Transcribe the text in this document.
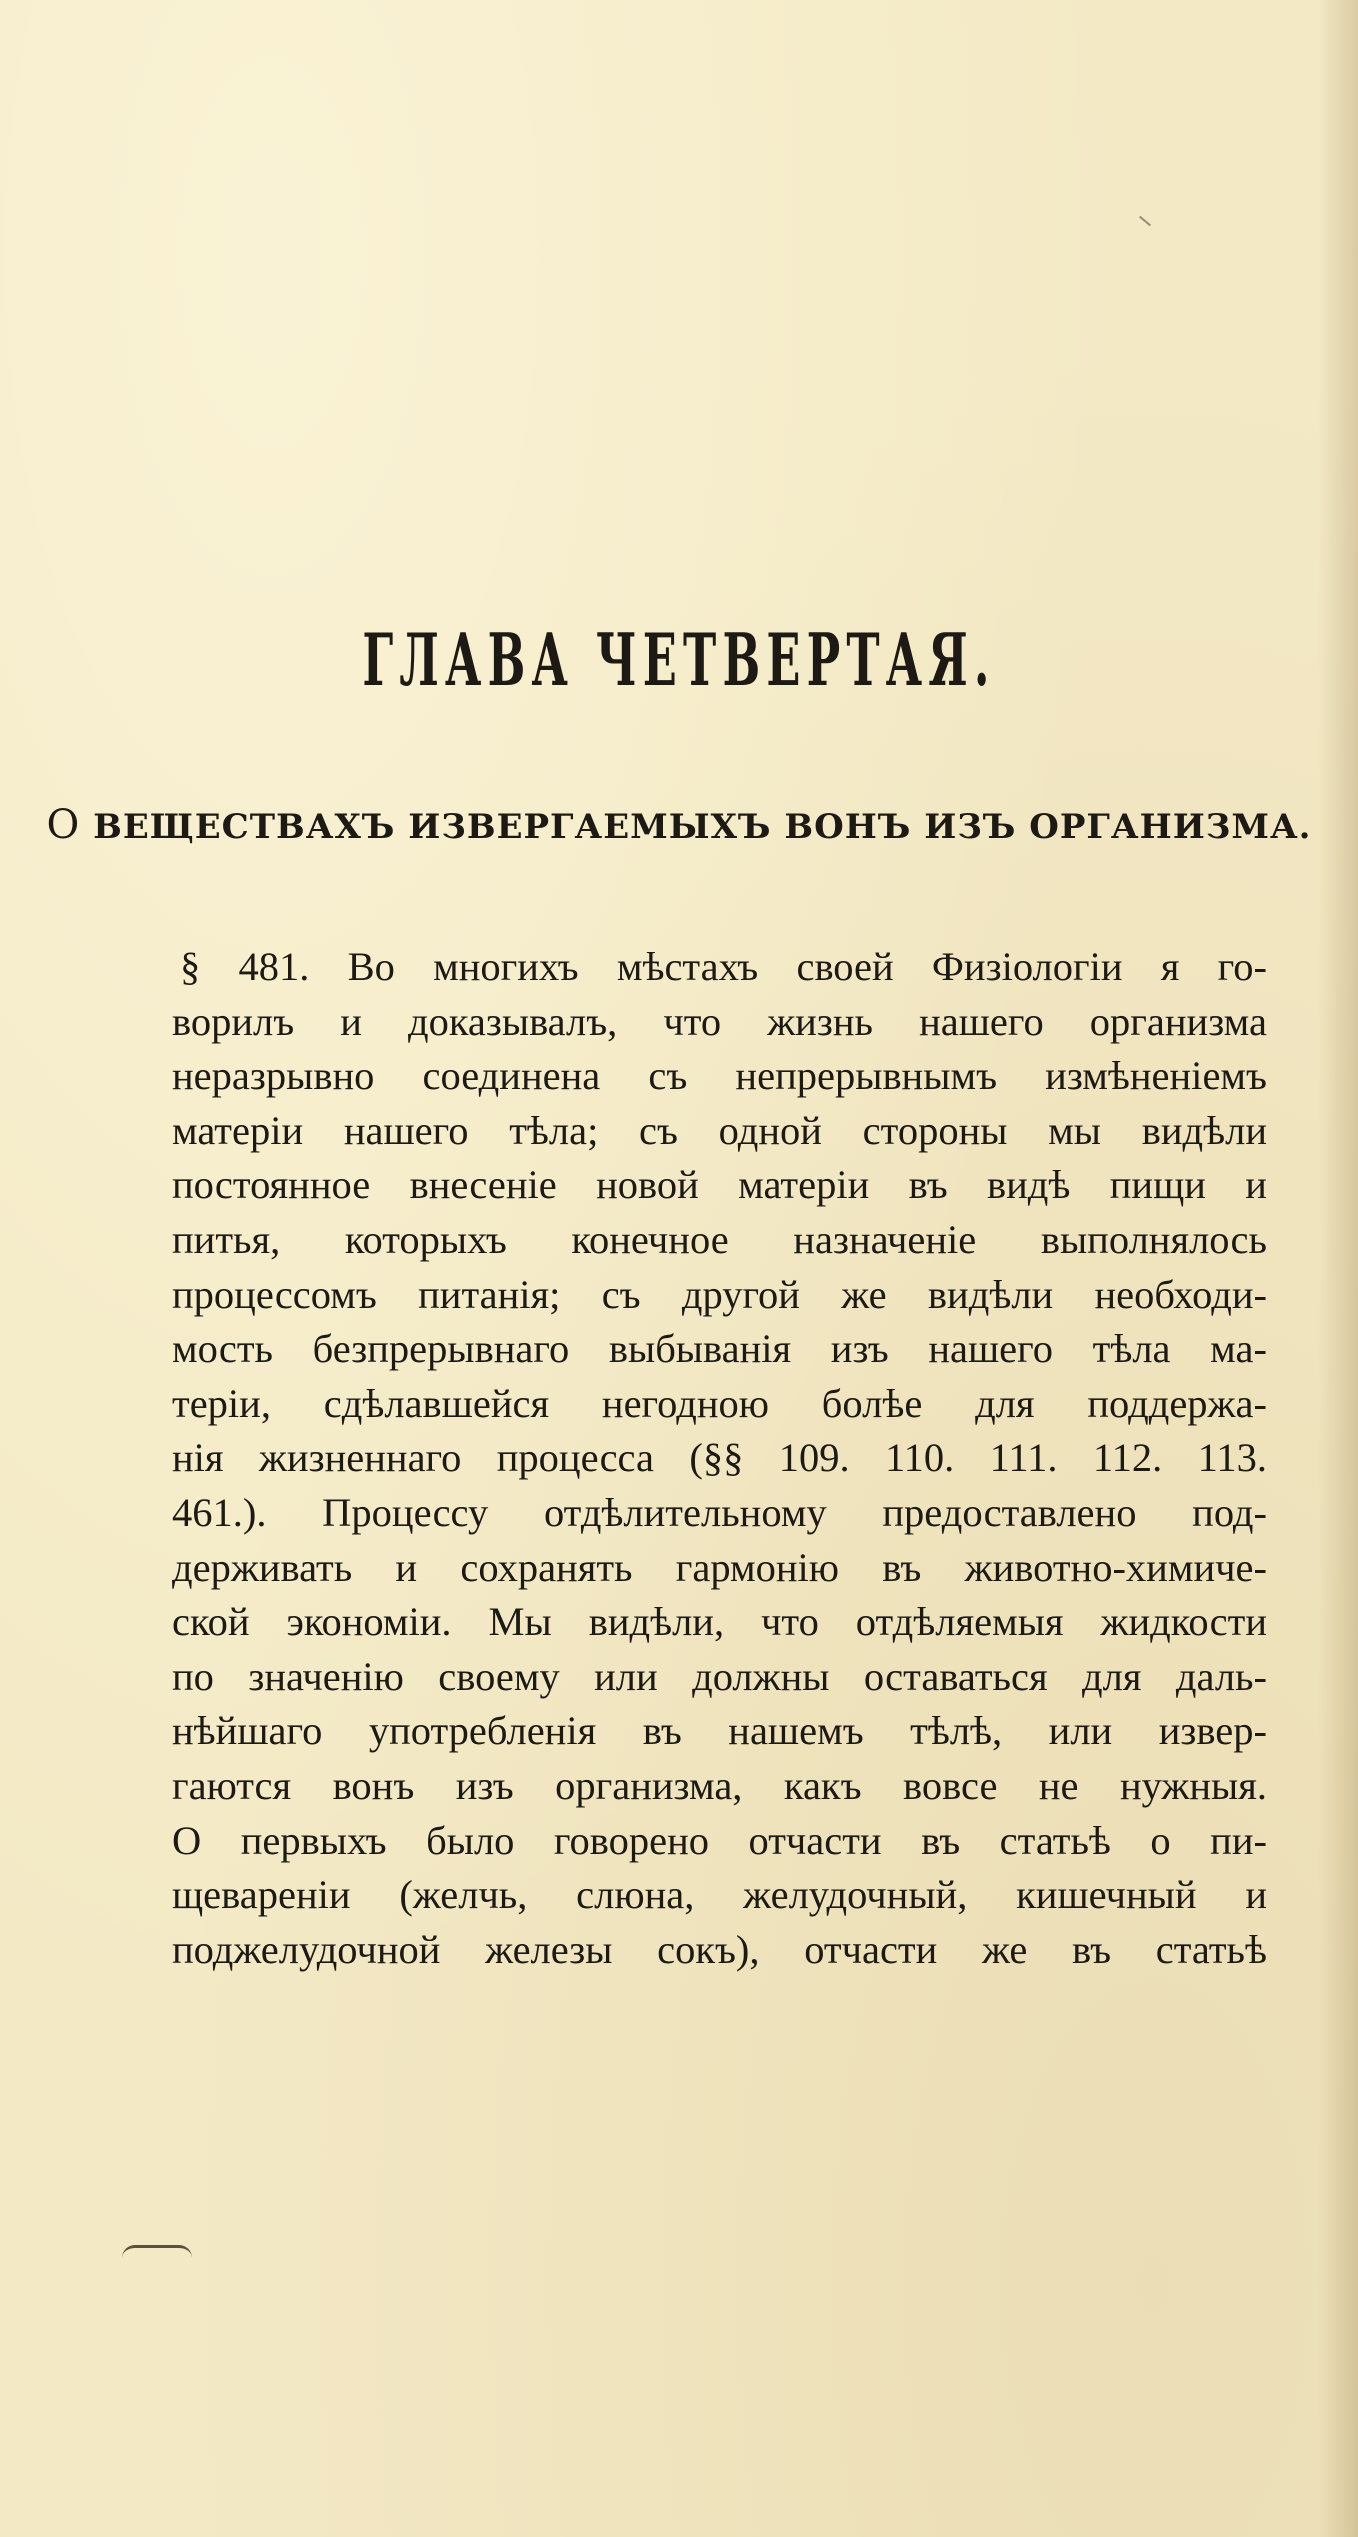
ГЛАВА ЧЕТВЕРТАЯ.
О ВЕЩЕСТВАХЪ ИЗВЕРГАЕМЫХЪ ВОНЪ ИЗЪ ОРГАНИЗМА.
§ 481. Во многихъ мѣстахъ своей Физіологіи я го-
ворилъ и доказывалъ, что жизнь нашего организма
неразрывно соединена съ непрерывнымъ измѣненіемъ
матеріи нашего тѣла; съ одной стороны мы видѣли
постоянное внесеніе новой матеріи въ видѣ пищи и
питья, которыхъ конечное назначеніе выполнялось
процессомъ питанія; съ другой же видѣли необходи-
мость безпрерывнаго выбыванія изъ нашего тѣла ма-
теріи, сдѣлавшейся негодною болѣе для поддержа-
нія жизненнаго процесса (§§ 109. 110. 111. 112. 113.
461.). Процессу отдѣлительному предоставлено под-
держивать и сохранять гармонію въ животно-химиче-
ской экономіи. Мы видѣли, что отдѣляемыя жидкости
по значенію своему или должны оставаться для даль-
нѣйшаго употребленія въ нашемъ тѣлѣ, или извер-
гаются вонъ изъ организма, какъ вовсе не нужныя.
О первыхъ было говорено отчасти въ статьѣ о пи-
щевареніи (желчь, слюна, желудочный, кишечный и
поджелудочной железы сокъ), отчасти же въ статьѣ
